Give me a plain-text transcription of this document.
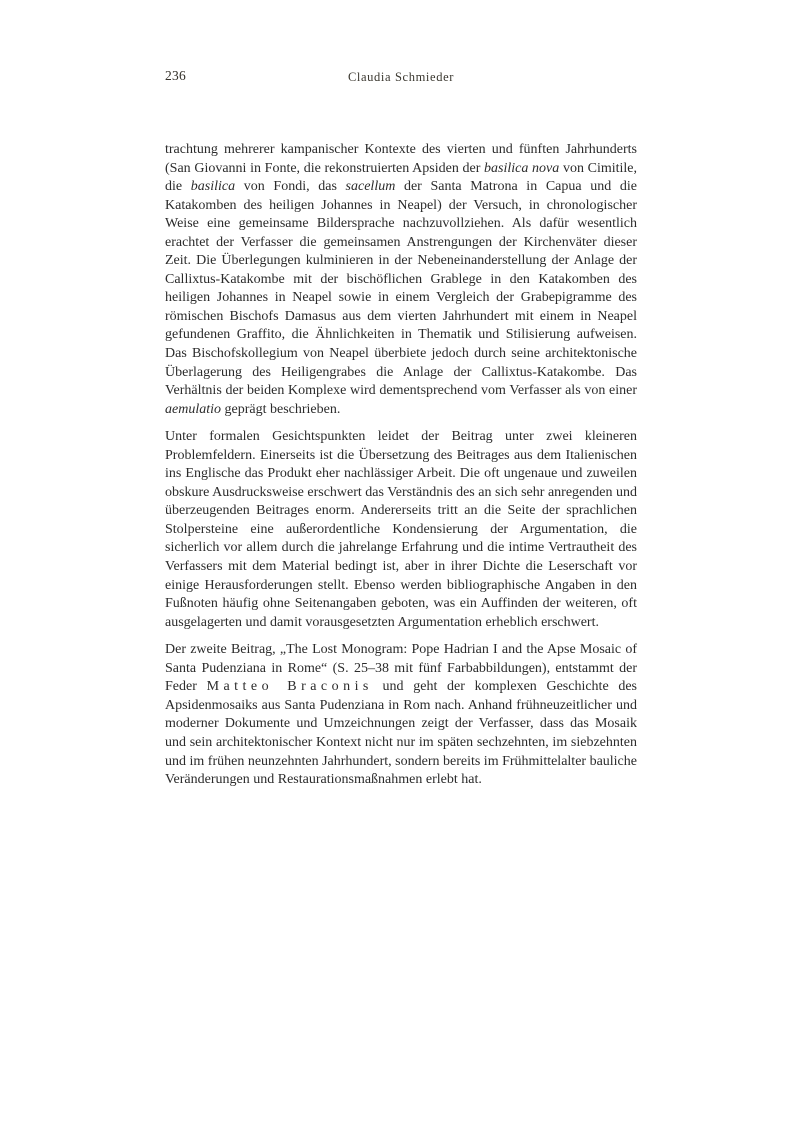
236	Claudia Schmieder

trachtung mehrerer kampanischer Kontexte des vierten und fünften Jahrhunderts (San Giovanni in Fonte, die rekonstruierten Apsiden der basilica nova von Cimitile, die basilica von Fondi, das sacellum der Santa Matrona in Capua und die Katakomben des heiligen Johannes in Neapel) der Versuch, in chronologischer Weise eine gemeinsame Bildersprache nachzuvollziehen. Als dafür wesentlich erachtet der Verfasser die gemeinsamen Anstrengungen der Kirchenväter dieser Zeit. Die Überlegungen kulminieren in der Nebeneinanderstellung der Anlage der Callixtus-Katakombe mit der bischöflichen Grablege in den Katakomben des heiligen Johannes in Neapel sowie in einem Vergleich der Grabepigramme des römischen Bischofs Damasus aus dem vierten Jahrhundert mit einem in Neapel gefundenen Graffito, die Ähnlichkeiten in Thematik und Stilisierung aufweisen. Das Bischofskollegium von Neapel überbiete jedoch durch seine architektonische Überlagerung des Heiligengrabes die Anlage der Callixtus-Katakombe. Das Verhältnis der beiden Komplexe wird dementsprechend vom Verfasser als von einer aemulatio geprägt beschrieben.

Unter formalen Gesichtspunkten leidet der Beitrag unter zwei kleineren Problemfeldern. Einerseits ist die Übersetzung des Beitrages aus dem Italienischen ins Englische das Produkt eher nachlässiger Arbeit. Die oft ungenaue und zuweilen obskure Ausdrucksweise erschwert das Verständnis des an sich sehr anregenden und überzeugenden Beitrages enorm. Andererseits tritt an die Seite der sprachlichen Stolpersteine eine außerordentliche Kondensierung der Argumentation, die sicherlich vor allem durch die jahrelange Erfahrung und die intime Vertrautheit des Verfassers mit dem Material bedingt ist, aber in ihrer Dichte die Leserschaft vor einige Herausforderungen stellt. Ebenso werden bibliographische Angaben in den Fußnoten häufig ohne Seitenangaben geboten, was ein Auffinden der weiteren, oft ausgelagerten und damit vorausgesetzten Argumentation erheblich erschwert.

Der zweite Beitrag, „The Lost Monogram: Pope Hadrian I and the Apse Mosaic of Santa Pudenziana in Rome“ (S. 25–38 mit fünf Farbabbildungen), entstammt der Feder Matteo Braconis und geht der komplexen Geschichte des Apsidenmosaiks aus Santa Pudenziana in Rom nach. Anhand frühneuzeitlicher und moderner Dokumente und Umzeichnungen zeigt der Verfasser, dass das Mosaik und sein architektonischer Kontext nicht nur im späten sechzehnten, im siebzehnten und im frühen neunzehnten Jahrhundert, sondern bereits im Frühmittelalter bauliche Veränderungen und Restaurationsmaßnahmen erlebt hat.
